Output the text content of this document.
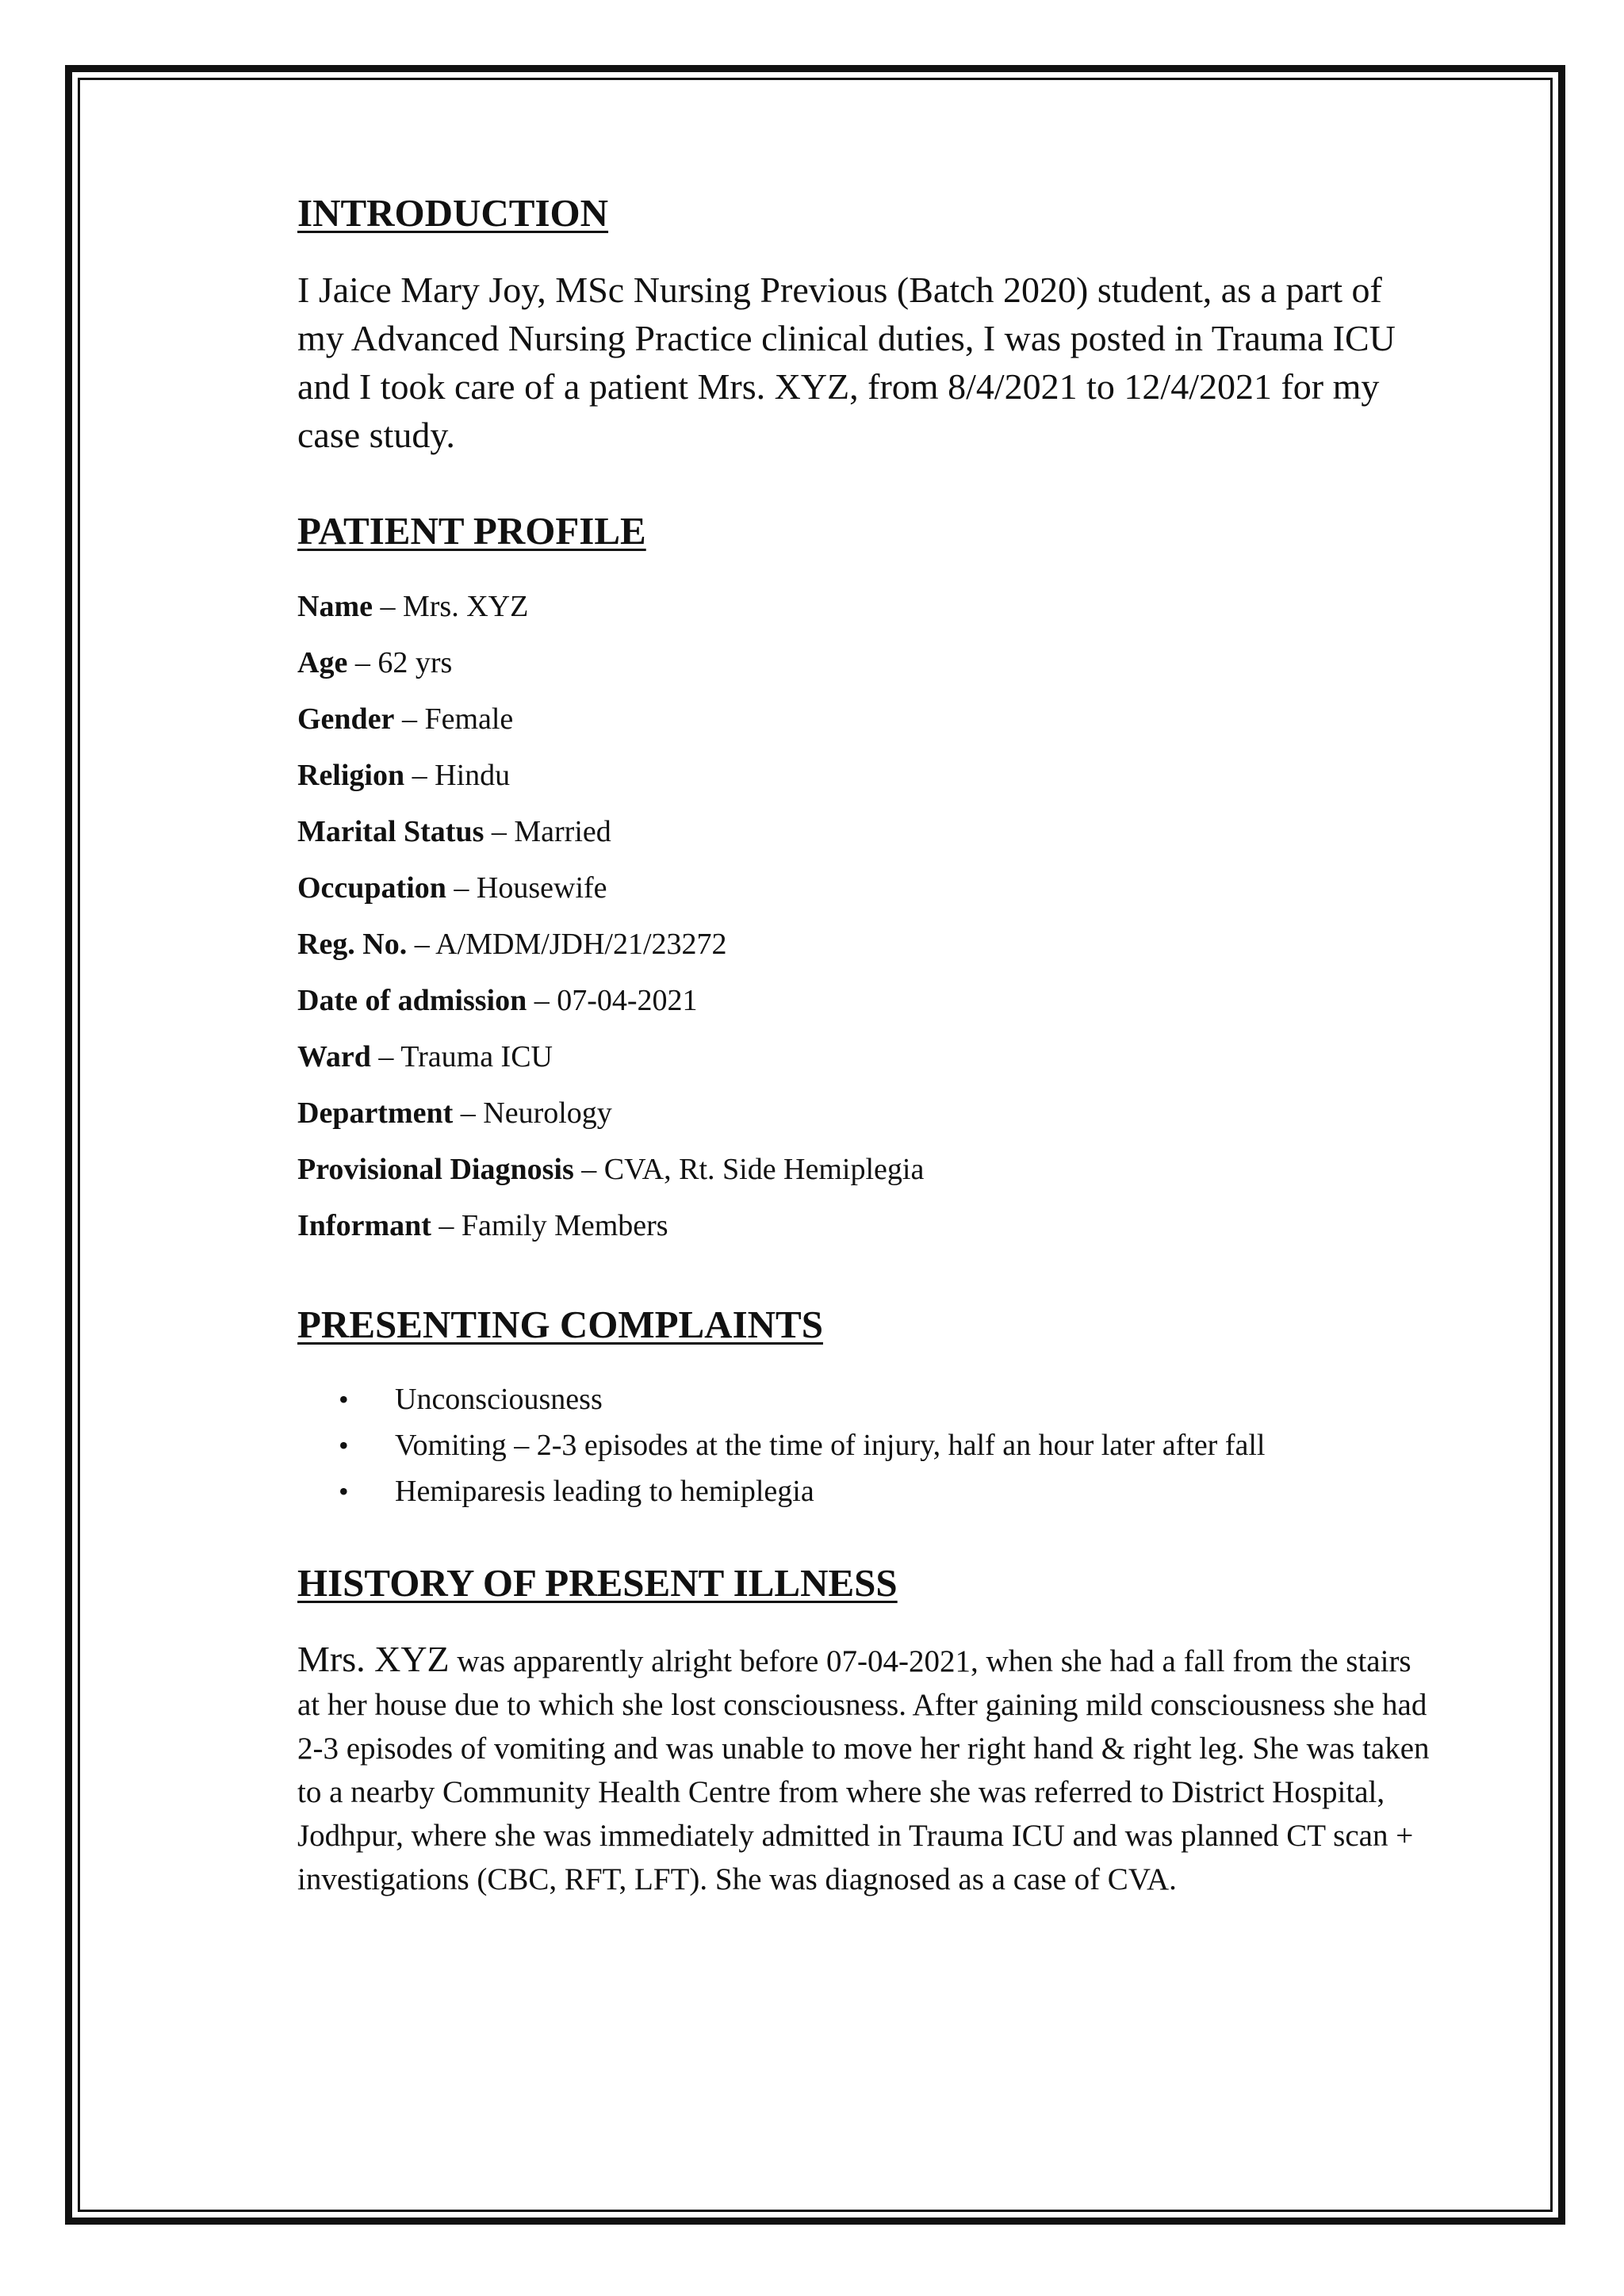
INTRODUCTION

I Jaice Mary Joy, MSc Nursing Previous (Batch 2020) student, as a part of my Advanced Nursing Practice clinical duties, I was posted in Trauma ICU and I took care of a patient Mrs. XYZ, from 8/4/2021 to 12/4/2021 for my case study.

PATIENT PROFILE
Name – Mrs. XYZ
Age – 62 yrs
Gender – Female
Religion – Hindu
Marital Status – Married
Occupation – Housewife
Reg. No. – A/MDM/JDH/21/23272
Date of admission – 07-04-2021
Ward – Trauma ICU
Department – Neurology
Provisional Diagnosis – CVA, Rt. Side Hemiplegia
Informant – Family Members
PRESENTING COMPLAINTS
• Unconsciousness
• Vomiting – 2-3 episodes at the time of injury, half an hour later after fall
• Hemiparesis leading to hemiplegia
HISTORY OF PRESENT ILLNESS

Mrs. XYZ was apparently alright before 07-04-2021, when she had a fall from the stairs at her house due to which she lost consciousness. After gaining mild consciousness she had 2-3 episodes of vomiting and was unable to move her right hand & right leg. She was taken to a nearby Community Health Centre from where she was referred to District Hospital, Jodhpur, where she was immediately admitted in Trauma ICU and was planned CT scan + investigations (CBC, RFT, LFT). She was diagnosed as a case of CVA.
